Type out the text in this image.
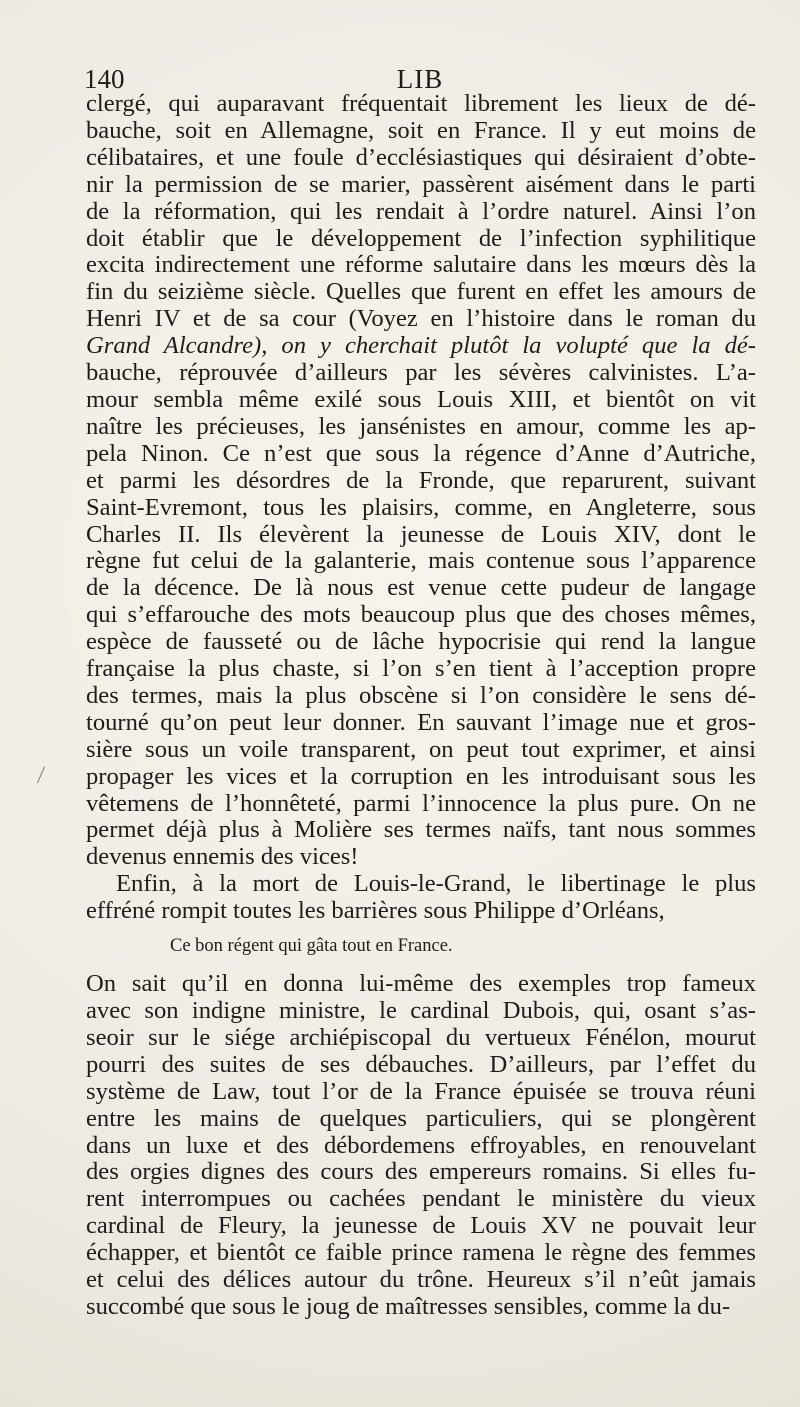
140	LIB
clergé, qui auparavant fréquentait librement les lieux de dé-
bauche, soit en Allemagne, soit en France. Il y eut moins de
célibataires, et une foule d’ecclésiastiques qui désiraient d’obte-
nir la permission de se marier, passèrent aisément dans le parti
de la réformation, qui les rendait à l’ordre naturel. Ainsi l’on
doit établir que le développement de l’infection syphilitique
excita indirectement une réforme salutaire dans les mœurs dès la
fin du seizième siècle. Quelles que furent en effet les amours de
Henri IV et de sa cour (Voyez en l’histoire dans le roman du
Grand Alcandre), on y cherchait plutôt la volupté que la dé-
bauche, réprouvée d’ailleurs par les sévères calvinistes. L’a-
mour sembla même exilé sous Louis XIII, et bientôt on vit
naître les précieuses, les jansénistes en amour, comme les ap-
pela Ninon. Ce n’est que sous la régence d’Anne d’Autriche,
et parmi les désordres de la Fronde, que reparurent, suivant
Saint-Evremont, tous les plaisirs, comme, en Angleterre, sous
Charles II. Ils élevèrent la jeunesse de Louis XIV, dont le
règne fut celui de la galanterie, mais contenue sous l’apparence
de la décence. De là nous est venue cette pudeur de langage
qui s’effarouche des mots beaucoup plus que des choses mêmes,
espèce de fausseté ou de lâche hypocrisie qui rend la langue
française la plus chaste, si l’on s’en tient à l’acception propre
des termes, mais la plus obscène si l’on considère le sens dé-
tourné qu’on peut leur donner. En sauvant l’image nue et gros-
sière sous un voile transparent, on peut tout exprimer, et ainsi
propager les vices et la corruption en les introduisant sous les
vêtemens de l’honnêteté, parmi l’innocence la plus pure. On ne
permet déjà plus à Molière ses termes naïfs, tant nous sommes
devenus ennemis des vices!
Enfin, à la mort de Louis-le-Grand, le libertinage le plus
effréné rompit toutes les barrières sous Philippe d’Orléans,
Ce bon régent qui gâta tout en France.
On sait qu’il en donna lui-même des exemples trop fameux
avec son indigne ministre, le cardinal Dubois, qui, osant s’as-
seoir sur le siége archiépiscopal du vertueux Fénélon, mourut
pourri des suites de ses débauches. D’ailleurs, par l’effet du
système de Law, tout l’or de la France épuisée se trouva réuni
entre les mains de quelques particuliers, qui se plongèrent
dans un luxe et des débordemens effroyables, en renouvelant
des orgies dignes des cours des empereurs romains. Si elles fu-
rent interrompues ou cachées pendant le ministère du vieux
cardinal de Fleury, la jeunesse de Louis XV ne pouvait leur
échapper, et bientôt ce faible prince ramena le règne des femmes
et celui des délices autour du trône. Heureux s’il n’eût jamais
succombé que sous le joug de maîtresses sensibles, comme la du-
